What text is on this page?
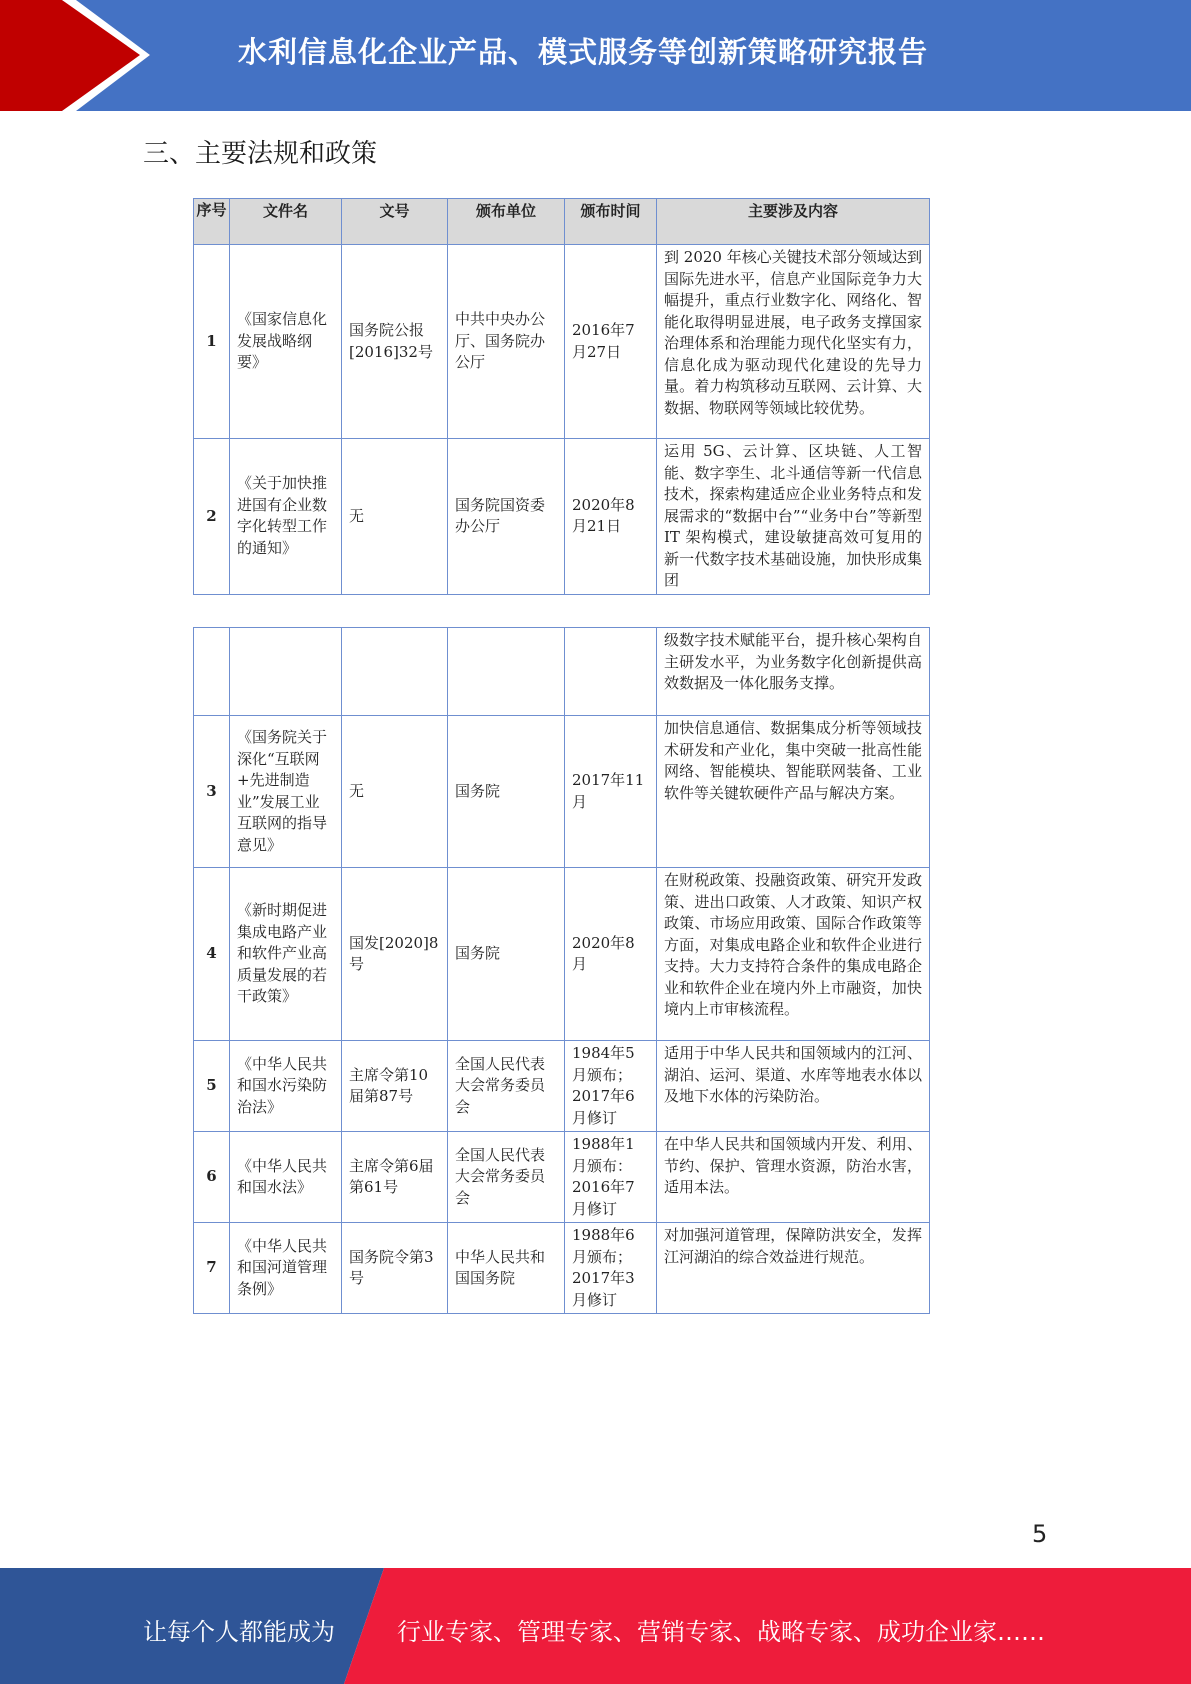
水利信息化企业产品、模式服务等创新策略研究报告
三、主要法规和政策
序号	文件名	文号	颁布单位	颁布时间	主要涉及内容
1	《国家信息化发展战略纲要》	国务院公报[2016]32号	中共中央办公厅、国务院办公厅	2016年7月27日	到 2020 年核心关键技术部分领域达到国际先进水平，信息产业国际竞争力大幅提升，重点行业数字化、网络化、智能化取得明显进展，电子政务支撑国家治理体系和治理能力现代化坚实有力，信息化成为驱动现代化建设的先导力量。着力构筑移动互联网、云计算、大数据、物联网等领域比较优势。
2	《关于加快推进国有企业数字化转型工作的通知》	无	国务院国资委办公厅	2020年8月21日	运用 5G、云计算、区块链、人工智能、数字孪生、北斗通信等新一代信息技术，探索构建适应企业业务特点和发展需求的“数据中台”“业务中台”等新型 IT 架构模式，建设敏捷高效可复用的新一代数字技术基础设施，加快形成集团
					级数字技术赋能平台，提升核心架构自主研发水平，为业务数字化创新提供高效数据及一体化服务支撑。
3	《国务院关于深化“互联网+先进制造业”发展工业互联网的指导意见》	无	国务院	2017年11月	加快信息通信、数据集成分析等领域技术研发和产业化，集中突破一批高性能网络、智能模块、智能联网装备、工业软件等关键软硬件产品与解决方案。
4	《新时期促进集成电路产业和软件产业高质量发展的若干政策》	国发[2020]8号	国务院	2020年8月	在财税政策、投融资政策、研究开发政策、进出口政策、人才政策、知识产权政策、市场应用政策、国际合作政策等方面，对集成电路企业和软件企业进行支持。大力支持符合条件的集成电路企业和软件企业在境内外上市融资，加快境内上市审核流程。
5	《中华人民共和国水污染防治法》	主席令第10届第87号	全国人民代表大会常务委员会	1984年5月颁布；2017年6月修订	适用于中华人民共和国领域内的江河、湖泊、运河、渠道、水库等地表水体以及地下水体的污染防治。
6	《中华人民共和国水法》	主席令第6届第61号	全国人民代表大会常务委员会	1988年1月颁布：2016年7月修订	在中华人民共和国领域内开发、利用、节约、保护、管理水资源，防治水害，适用本法。
7	《中华人民共和国河道管理条例》	国务院令第3号	中华人民共和国国务院	1988年6月颁布；2017年3月修订	对加强河道管理，保障防洪安全，发挥江河湖泊的综合效益进行规范。
5
让每个人都能成为	行业专家、管理专家、营销专家、战略专家、成功企业家……
